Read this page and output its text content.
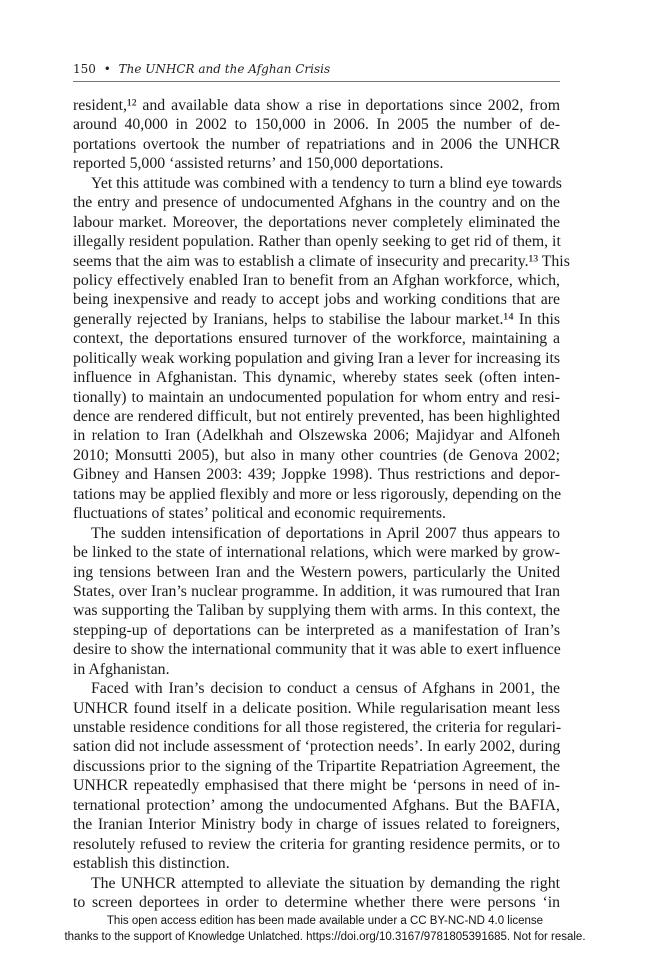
150 • The UNHCR and the Afghan Crisis
resident,¹² and available data show a rise in deportations since 2002, from
around 40,000 in 2002 to 150,000 in 2006. In 2005 the number of de-
portations overtook the number of repatriations and in 2006 the UNHCR
reported 5,000 ‘assisted returns’ and 150,000 deportations.
Yet this attitude was combined with a tendency to turn a blind eye towards
the entry and presence of undocumented Afghans in the country and on the
labour market. Moreover, the deportations never completely eliminated the
illegally resident population. Rather than openly seeking to get rid of them, it
seems that the aim was to establish a climate of insecurity and precarity.¹³ This
policy effectively enabled Iran to benefit from an Afghan workforce, which,
being inexpensive and ready to accept jobs and working conditions that are
generally rejected by Iranians, helps to stabilise the labour market.¹⁴ In this
context, the deportations ensured turnover of the workforce, maintaining a
politically weak working population and giving Iran a lever for increasing its
influence in Afghanistan. This dynamic, whereby states seek (often inten-
tionally) to maintain an undocumented population for whom entry and resi-
dence are rendered difficult, but not entirely prevented, has been highlighted
in relation to Iran (Adelkhah and Olszewska 2006; Majidyar and Alfoneh
2010; Monsutti 2005), but also in many other countries (de Genova 2002;
Gibney and Hansen 2003: 439; Joppke 1998). Thus restrictions and depor-
tations may be applied flexibly and more or less rigorously, depending on the
fluctuations of states’ political and economic requirements.
The sudden intensification of deportations in April 2007 thus appears to
be linked to the state of international relations, which were marked by grow-
ing tensions between Iran and the Western powers, particularly the United
States, over Iran’s nuclear programme. In addition, it was rumoured that Iran
was supporting the Taliban by supplying them with arms. In this context, the
stepping-up of deportations can be interpreted as a manifestation of Iran’s
desire to show the international community that it was able to exert influence
in Afghanistan.
Faced with Iran’s decision to conduct a census of Afghans in 2001, the
UNHCR found itself in a delicate position. While regularisation meant less
unstable residence conditions for all those registered, the criteria for regulari-
sation did not include assessment of ‘protection needs’. In early 2002, during
discussions prior to the signing of the Tripartite Repatriation Agreement, the
UNHCR repeatedly emphasised that there might be ‘persons in need of in-
ternational protection’ among the undocumented Afghans. But the BAFIA,
the Iranian Interior Ministry body in charge of issues related to foreigners,
resolutely refused to review the criteria for granting residence permits, or to
establish this distinction.
The UNHCR attempted to alleviate the situation by demanding the right
to screen deportees in order to determine whether there were persons ‘in
This open access edition has been made available under a CC BY-NC-ND 4.0 license
thanks to the support of Knowledge Unlatched. https://doi.org/10.3167/9781805391685. Not for resale.
